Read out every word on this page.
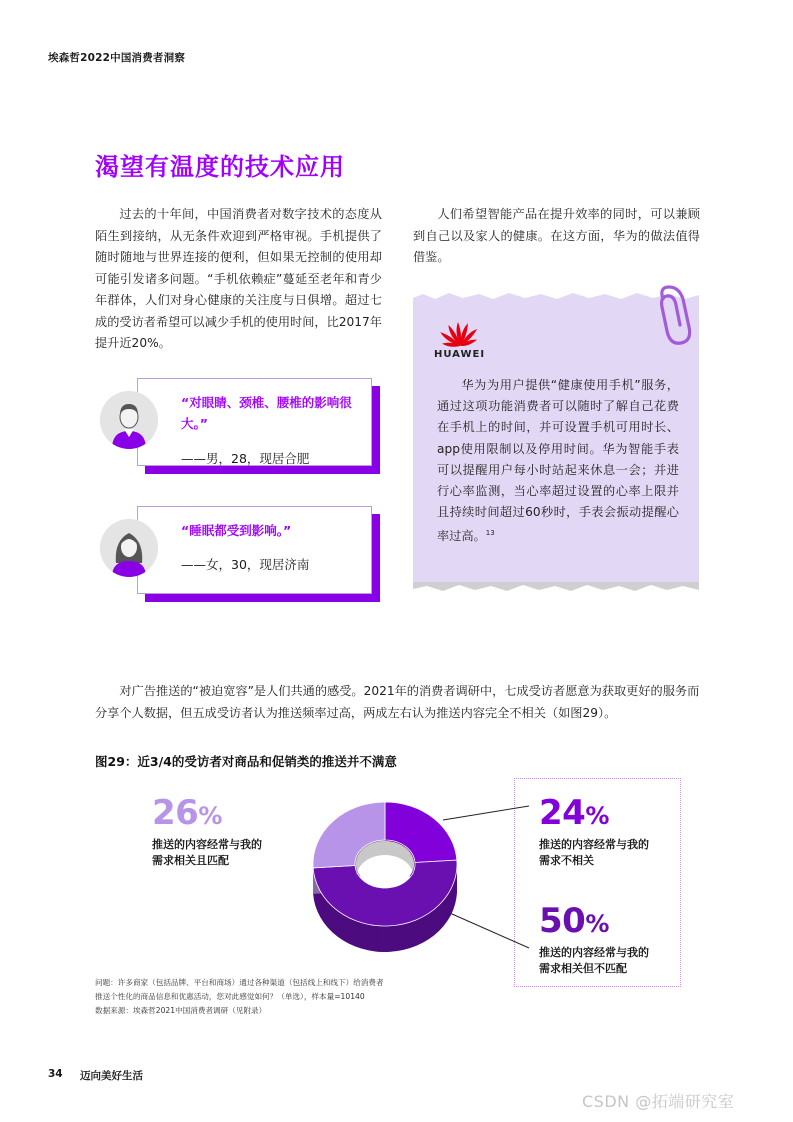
埃森哲2022中国消费者洞察
渴望有温度的技术应用

过去的十年间，中国消费者对数字技术的态度从陌生到接纳，从无条件欢迎到严格审视。手机提供了随时随地与世界连接的便利，但如果无控制的使用却可能引发诸多问题。“手机依赖症”蔓延至老年和青少年群体，人们对身心健康的关注度与日俱增。超过七成的受访者希望可以减少手机的使用时间，比2017年提升近20%。

人们希望智能产品在提升效率的同时，可以兼顾到自己以及家人的健康。在这方面，华为的做法值得借鉴。

“对眼睛、颈椎、腰椎的影响很大。”
——男，28，现居合肥
“睡眠都受到影响。”
——女，30，现居济南
HUAWEI

华为为用户提供“健康使用手机”服务，通过这项功能消费者可以随时了解自己花费在手机上的时间，并可设置手机可用时长、app使用限制以及停用时间。华为智能手表可以提醒用户每小时站起来休息一会；并进行心率监测，当心率超过设置的心率上限并且持续时间超过60秒时，手表会振动提醒心率过高。$^{13}$

对广告推送的“被迫宽容”是人们共通的感受。2021年的消费者调研中，七成受访者愿意为获取更好的服务而分享个人数据，但五成受访者认为推送频率过高，两成左右认为推送内容完全不相关（如图29）。

图29：近3/4的受访者对商品和促销类的推送并不满意
26%
推送的内容经常与我的
需求相关且匹配
24%
推送的内容经常与我的
需求不相关
50%
推送的内容经常与我的
需求相关但不匹配
问题：许多商家（包括品牌、平台和商场）通过各种渠道（包括线上和线下）给消费者
推送个性化的商品信息和优惠活动，您对此感觉如何？（单选），样本量=10140
数据来源：埃森哲2021中国消费者调研（见附录）
34 迈向美好生活
CSDN @拓端研究室
